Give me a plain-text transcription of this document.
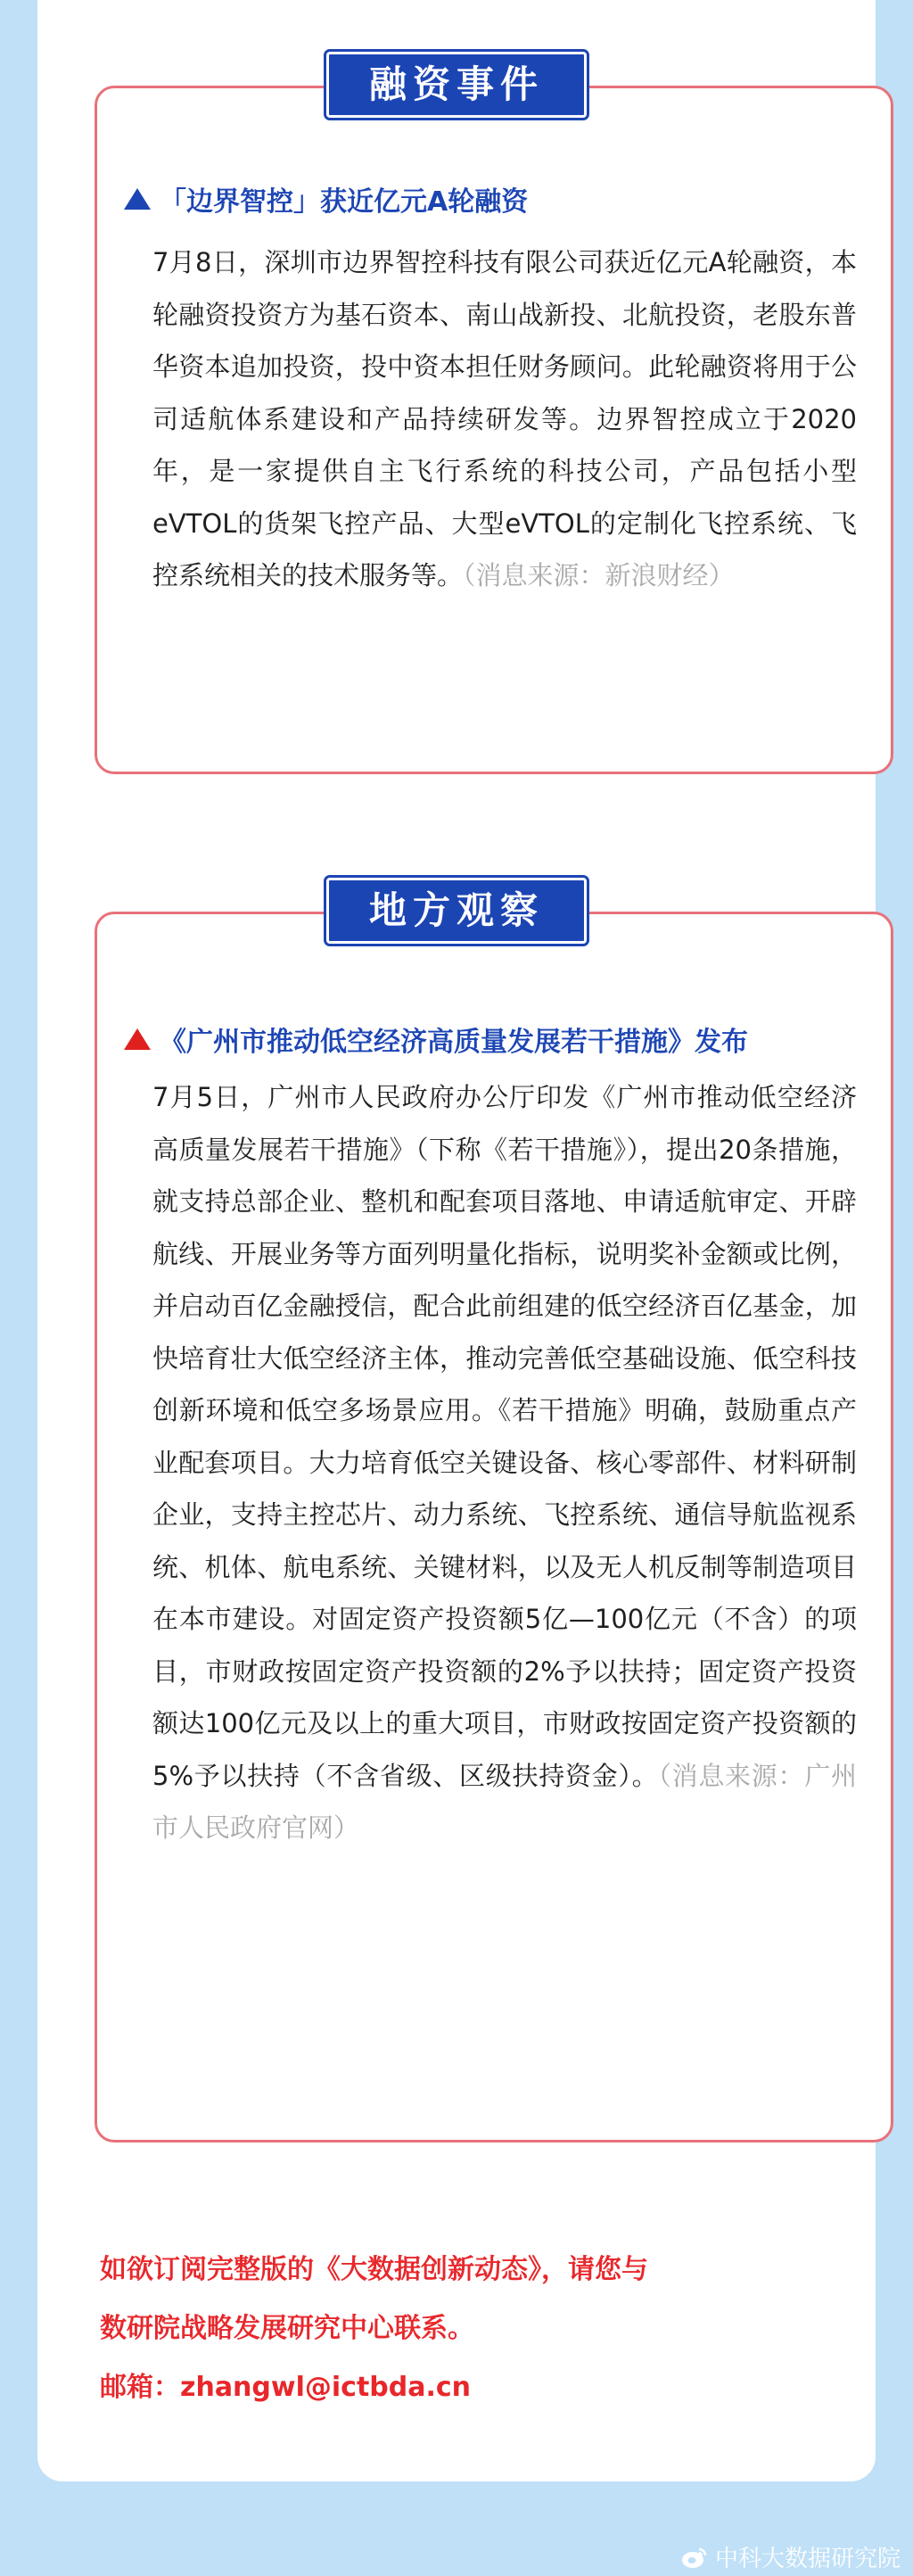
「边界智控」获近亿元A轮融资

7月8日，深圳市边界智控科技有限公司获近亿元A轮融资，本轮融资投资方为基石资本、南山战新投、北航投资，老股东普华资本追加投资，投中资本担任财务顾问。此轮融资将用于公司适航体系建设和产品持续研发等。边界智控成立于2020年，是一家提供自主飞行系统的科技公司，产品包括小型eVTOL的货架飞控产品、大型eVTOL的定制化飞控系统、飞控系统相关的技术服务等。（消息来源：新浪财经）

融资事件
《广州市推动低空经济高质量发展若干措施》发布

7月5日，广州市人民政府办公厅印发《广州市推动低空经济高质量发展若干措施》（下称《若干措施》），提出20条措施，就支持总部企业、整机和配套项目落地、申请适航审定、开辟航线、开展业务等方面列明量化指标，说明奖补金额或比例，并启动百亿金融授信，配合此前组建的低空经济百亿基金，加快培育壮大低空经济主体，推动完善低空基础设施、低空科技创新环境和低空多场景应用。《若干措施》明确，鼓励重点产业配套项目。大力培育低空关键设备、核心零部件、材料研制企业，支持主控芯片、动力系统、飞控系统、通信导航监视系统、机体、航电系统、关键材料，以及无人机反制等制造项目在本市建设。对固定资产投资额5亿—100亿元（不含）的项目，市财政按固定资产投资额的2%予以扶持；固定资产投资额达100亿元及以上的重大项目，市财政按固定资产投资额的5%予以扶持（不含省级、区级扶持资金）。（消息来源：广州市人民政府官网）

地方观察
如欲订阅完整版的《大数据创新动态》，请您与
数研院战略发展研究中心联系。
邮箱：zhangwl@ictbda.cn
中科大数据研究院
